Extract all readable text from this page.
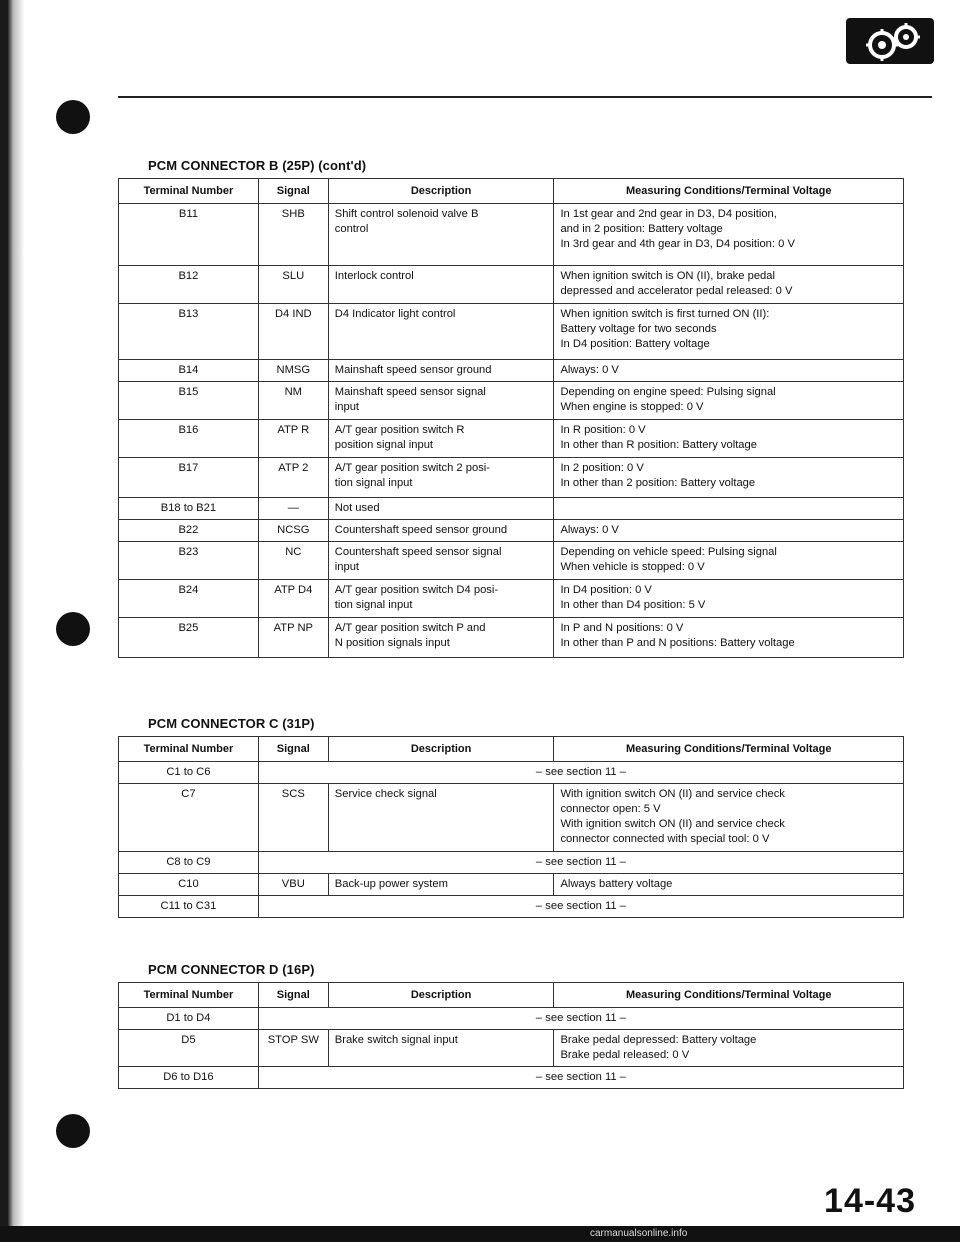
PCM CONNECTOR B (25P) (cont'd)
Terminal Number	Signal	Description	Measuring Conditions/Terminal Voltage
B11	SHB	Shift control solenoid valve B
control	In 1st gear and 2nd gear in D3, D4 position,
and in 2 position: Battery voltage
In 3rd gear and 4th gear in D3, D4 position: 0 V

B12	SLU	Interlock control	When ignition switch is ON (II), brake pedal
depressed and accelerator pedal released: 0 V

B13	D4 IND	D4 Indicator light control	When ignition switch is first turned ON (II):
Battery voltage for two seconds
In D4 position: Battery voltage

B14	NMSG	Mainshaft speed sensor ground	Always: 0 V

B15	NM	Mainshaft speed sensor signal
input	Depending on engine speed: Pulsing signal
When engine is stopped: 0 V

B16	ATP R	A/T gear position switch R
position signal input	In R position: 0 V
In other than R position: Battery voltage

B17	ATP 2	A/T gear position switch 2 posi-
tion signal input	In 2 position: 0 V
In other than 2 position: Battery voltage

B18 to B21	—	Not used	

B22	NCSG	Countershaft speed sensor ground	Always: 0 V

B23	NC	Countershaft speed sensor signal
input	Depending on vehicle speed: Pulsing signal
When vehicle is stopped: 0 V

B24	ATP D4	A/T gear position switch D4 posi-
tion signal input	In D4 position: 0 V
In other than D4 position: 5 V

B25	ATP NP	A/T gear position switch P and
N position signals input	In P and N positions: 0 V
In other than P and N positions: Battery voltage
PCM CONNECTOR C (31P)
Terminal Number	Signal	Description	Measuring Conditions/Terminal Voltage
C1 to C6	– see section 11 –		
C7	SCS	Service check signal	With ignition switch ON (II) and service check
connector open: 5 V
With ignition switch ON (II) and service check
connector connected with special tool: 0 V

C8 to C9	– see section 11 –		
C10	VBU	Back-up power system	Always battery voltage

C11 to C31	– see section 11 –		
PCM CONNECTOR D (16P)
Terminal Number	Signal	Description	Measuring Conditions/Terminal Voltage
D1 to D4	– see section 11 –		
D5	STOP SW	Brake switch signal input	Brake pedal depressed: Battery voltage
Brake pedal released: 0 V

D6 to D16	– see section 11 –		
14-43
carmanualsonline.info
